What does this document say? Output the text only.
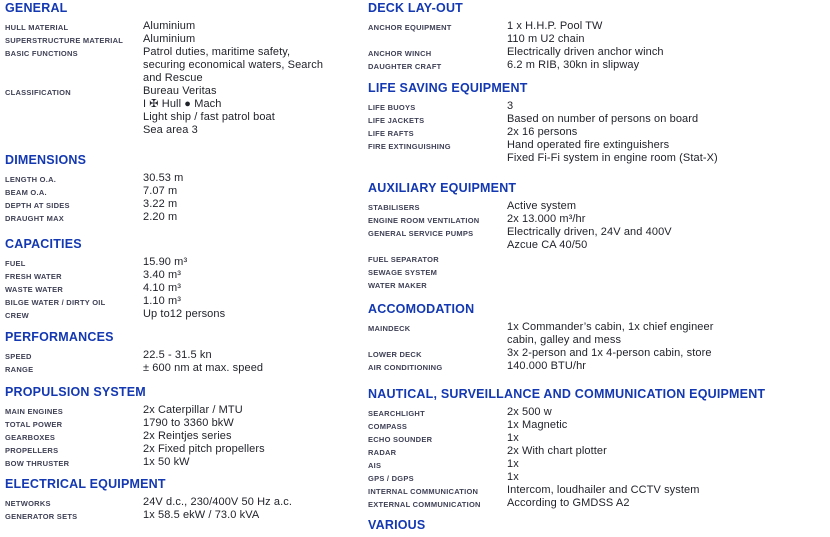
GENERAL
HULL MATERIAL	Aluminium
SUPERSTRUCTURE MATERIAL	Aluminium
BASIC FUNCTIONS	Patrol duties, maritime safety,
securing economical waters, Search
and Rescue
CLASSIFICATION	Bureau Veritas
I ✠ Hull ● Mach
Light ship / fast patrol boat
Sea area 3
DIMENSIONS
LENGTH O.A.	30.53 m
BEAM O.A.	7.07 m
DEPTH AT SIDES	3.22 m
DRAUGHT MAX	2.20 m
CAPACITIES
FUEL	15.90 m³
FRESH WATER	3.40 m³
WASTE WATER	4.10 m³
BILGE WATER / DIRTY OIL	1.10 m³
CREW	Up to12 persons
PERFORMANCES
SPEED	22.5 - 31.5 kn
RANGE	± 600 nm at max. speed
PROPULSION SYSTEM
MAIN ENGINES	2x Caterpillar / MTU
TOTAL POWER	1790 to 3360 bkW
GEARBOXES	2x Reintjes series
PROPELLERS	2x Fixed pitch propellers
BOW THRUSTER	1x 50 kW
ELECTRICAL EQUIPMENT
NETWORKS	24V d.c., 230/400V 50 Hz a.c.
GENERATOR SETS	1x 58.5 ekW / 73.0 kVA
DECK LAY-OUT
ANCHOR EQUIPMENT	1 x H.H.P. Pool TW
110 m U2 chain
ANCHOR WINCH	Electrically driven anchor winch
DAUGHTER CRAFT	6.2 m RIB, 30kn in slipway
LIFE SAVING EQUIPMENT
LIFE BUOYS	3
LIFE JACKETS	Based on number of persons on board
LIFE RAFTS	2x 16 persons
FIRE EXTINGUISHING	Hand operated fire extinguishers
Fixed Fi-Fi system in engine room (Stat-X)
AUXILIARY EQUIPMENT
STABILISERS	Active system
ENGINE ROOM VENTILATION	2x 13.000 m³/hr
GENERAL SERVICE PUMPS	Electrically driven, 24V and 400V
Azcue CA 40/50
FUEL SEPARATOR
SEWAGE SYSTEM
WATER MAKER
ACCOMODATION
MAINDECK	1x Commander’s cabin, 1x chief engineer
cabin, galley and mess
LOWER DECK	3x 2-person and 1x 4-person cabin, store
AIR CONDITIONING	140.000 BTU/hr
NAUTICAL, SURVEILLANCE AND COMMUNICATION EQUIPMENT
SEARCHLIGHT	2x 500 w
COMPASS	1x Magnetic
ECHO SOUNDER	1x
RADAR	2x With chart plotter
AIS	1x
GPS / DGPS	1x
INTERNAL COMMUNICATION	Intercom, loudhailer and CCTV system
EXTERNAL COMMUNICATION	According to GMDSS A2
VARIOUS
